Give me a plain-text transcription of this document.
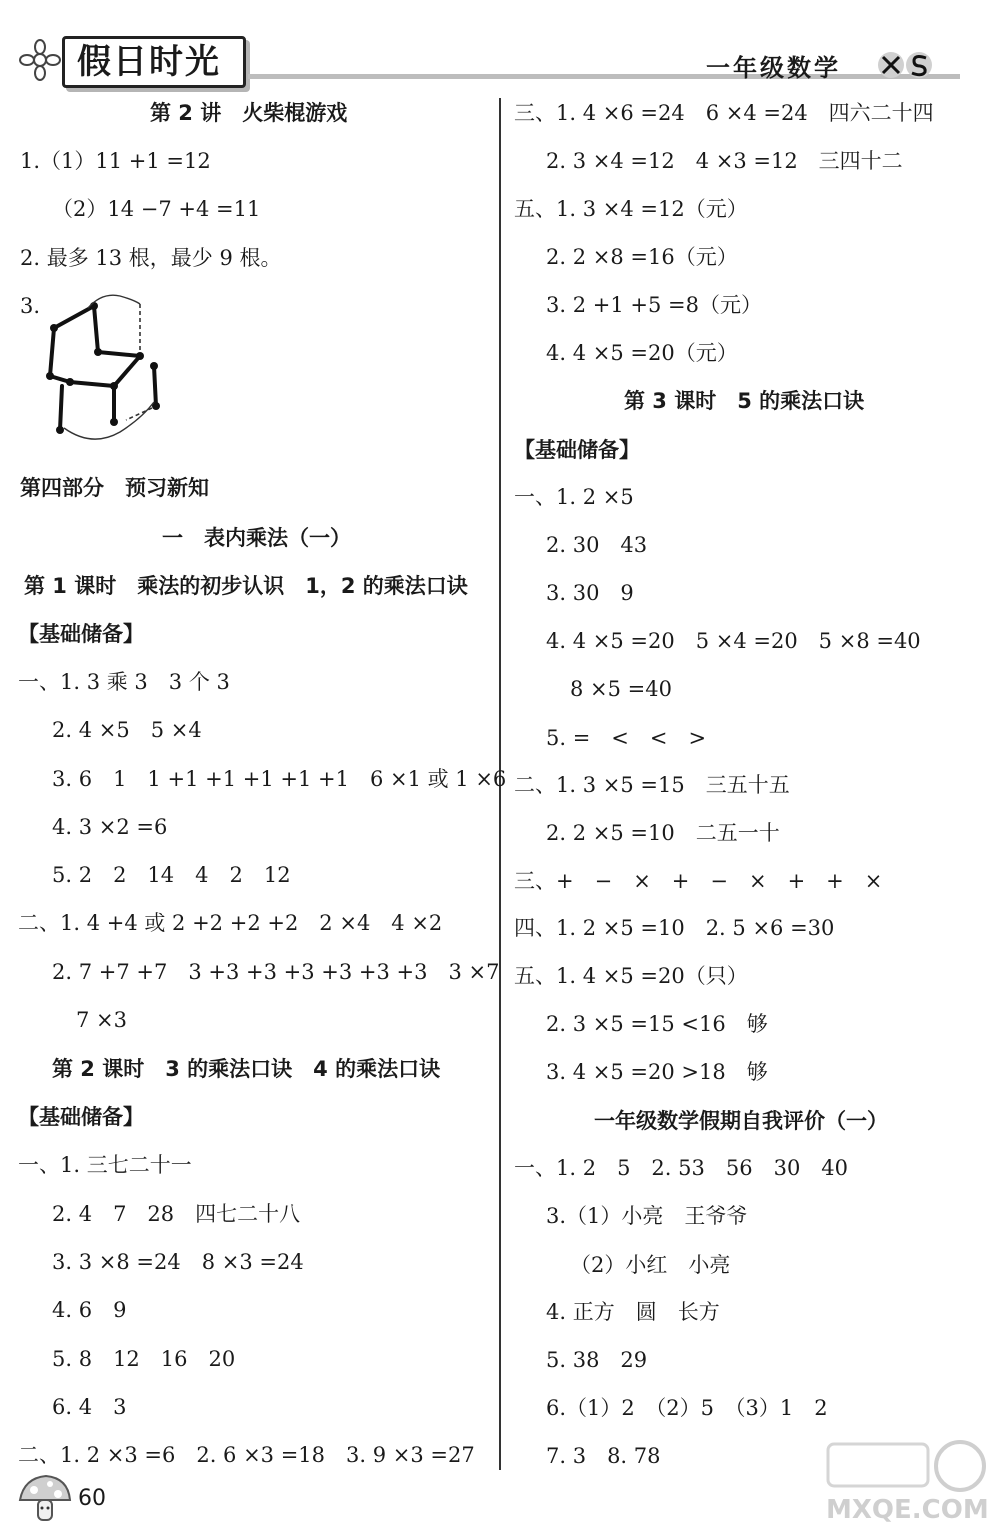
假日时光	一年级数学
第 2 讲　火柴棍游戏
1.（1）11 +1 =12
（2）14 −7 +4 =11
2. 最多 13 根，最少 9 根。
3.
第四部分　预习新知
一　表内乘法（一）
第 1 课时　乘法的初步认识　1，2 的乘法口诀
【基础储备】
一、1. 3 乘 3　3 个 3
2. 4 ×5　5 ×4
3. 6　1　1 +1 +1 +1 +1 +1　6 ×1 或 1 ×6
4. 3 ×2 =6
5. 2　2　14　4　2　12
二、1. 4 +4 或 2 +2 +2 +2　2 ×4　4 ×2
2. 7 +7 +7　3 +3 +3 +3 +3 +3 +3　3 ×7
7 ×3
第 2 课时　3 的乘法口诀　4 的乘法口诀
【基础储备】
一、1. 三七二十一
2. 4　7　28　四七二十八
3. 3 ×8 =24　8 ×3 =24
4. 6　9
5. 8　12　16　20
6. 4　3
二、1. 2 ×3 =6　2. 6 ×3 =18　3. 9 ×3 =27
三、1. 4 ×6 =24　6 ×4 =24　四六二十四
2. 3 ×4 =12　4 ×3 =12　三四十二
五、1. 3 ×4 =12（元）
2. 2 ×8 =16（元）
3. 2 +1 +5 =8（元）
4. 4 ×5 =20（元）
第 3 课时　5 的乘法口诀
【基础储备】
一、1. 2 ×5
2. 30　43
3. 30　9
4. 4 ×5 =20　5 ×4 =20　5 ×8 =40
8 ×5 =40
5. =　<　<　>
二、1. 3 ×5 =15　三五十五
2. 2 ×5 =10　二五一十
三、+　−　×　+　−　×　+　+　×
四、1. 2 ×5 =10　2. 5 ×6 =30
五、1. 4 ×5 =20（只）
2. 3 ×5 =15 <16　够
3. 4 ×5 =20 >18　够
一年级数学假期自我评价（一）
一、1. 2　5　2. 53　56　30　40
3.（1）小亮　王爷爷
（2）小红　小亮
4. 正方　圆　长方
5. 38　29
6.（1）2　（2）5　（3）1　2
7. 3　8. 78
60	MXQE.COM
